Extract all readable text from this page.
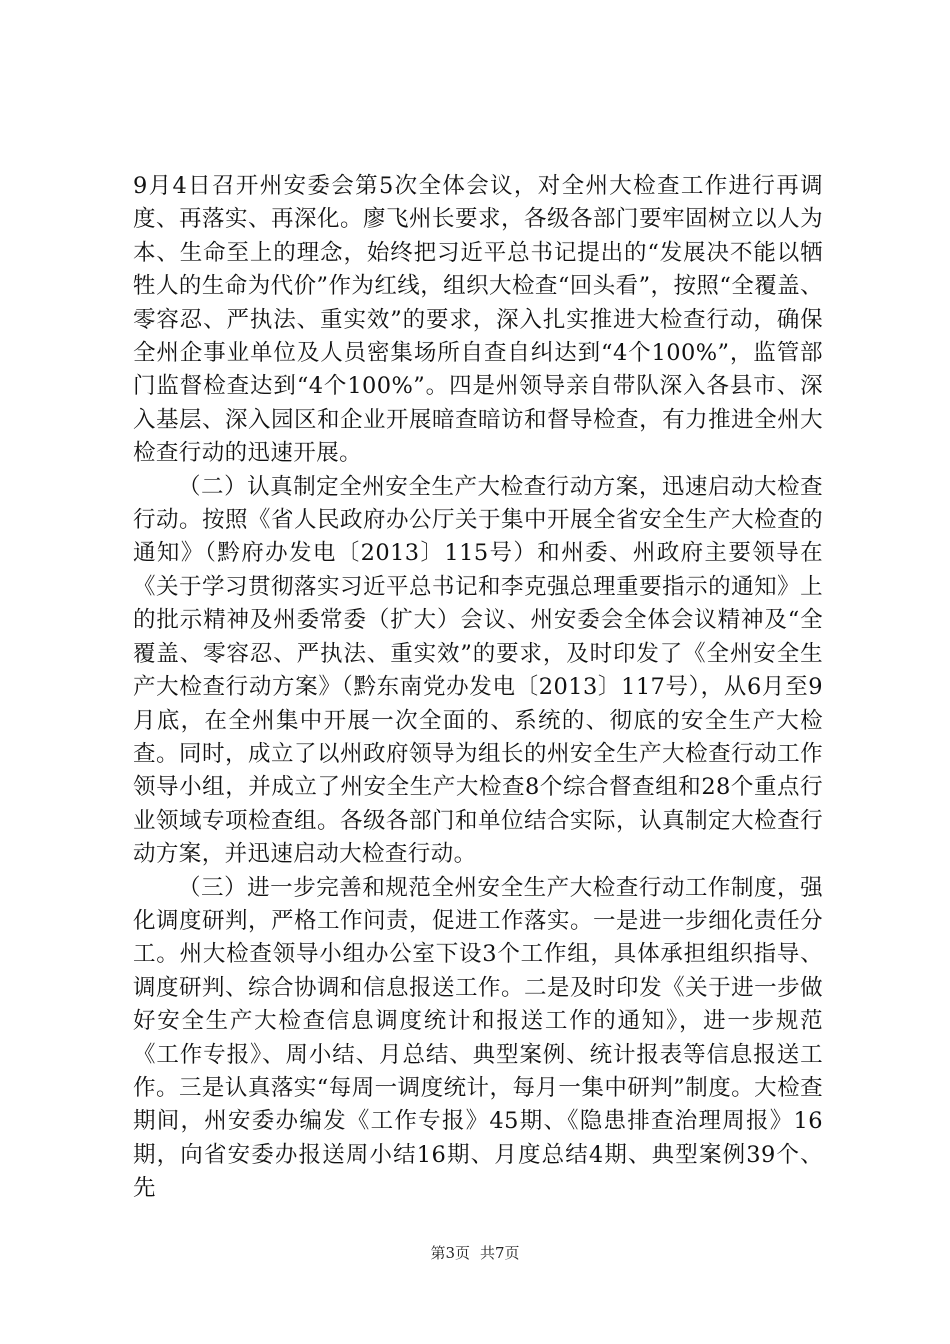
9月4日召开州安委会第5次全体会议，对全州大检查工作进行再调度、再落实、再深化。廖飞州长要求，各级各部门要牢固树立以人为本、生命至上的理念，始终把习近平总书记提出的“发展决不能以牺牲人的生命为代价”作为红线，组织大检查“回头看”，按照“全覆盖、零容忍、严执法、重实效”的要求，深入扎实推进大检查行动，确保全州企事业单位及人员密集场所自查自纠达到“4个100%”，监管部门监督检查达到“4个100%”。四是州领导亲自带队深入各县市、深入基层、深入园区和企业开展暗查暗访和督导检查，有力推进全州大检查行动的迅速开展。

（二）认真制定全州安全生产大检查行动方案，迅速启动大检查行动。按照《省人民政府办公厅关于集中开展全省安全生产大检查的通知》（黔府办发电〔2013〕115号）和州委、州政府主要领导在《关于学习贯彻落实习近平总书记和李克强总理重要指示的通知》上的批示精神及州委常委（扩大）会议、州安委会全体会议精神及“全覆盖、零容忍、严执法、重实效”的要求，及时印发了《全州安全生产大检查行动方案》（黔东南党办发电〔2013〕117号），从6月至9月底，在全州集中开展一次全面的、系统的、彻底的安全生产大检查。同时，成立了以州政府领导为组长的州安全生产大检查行动工作领导小组，并成立了州安全生产大检查8个综合督查组和28个重点行业领域专项检查组。各级各部门和单位结合实际，认真制定大检查行动方案，并迅速启动大检查行动。

（三）进一步完善和规范全州安全生产大检查行动工作制度，强化调度研判，严格工作问责，促进工作落实。一是进一步细化责任分工。州大检查领导小组办公室下设3个工作组，具体承担组织指导、调度研判、综合协调和信息报送工作。二是及时印发《关于进一步做好安全生产大检查信息调度统计和报送工作的通知》，进一步规范《工作专报》、周小结、月总结、典型案例、统计报表等信息报送工作。三是认真落实“每周一调度统计，每月一集中研判”制度。大检查期间，州安委办编发《工作专报》45期、《隐患排查治理周报》16期，向省安委办报送周小结16期、月度总结4期、典型案例39个、先

第3页 共7页
